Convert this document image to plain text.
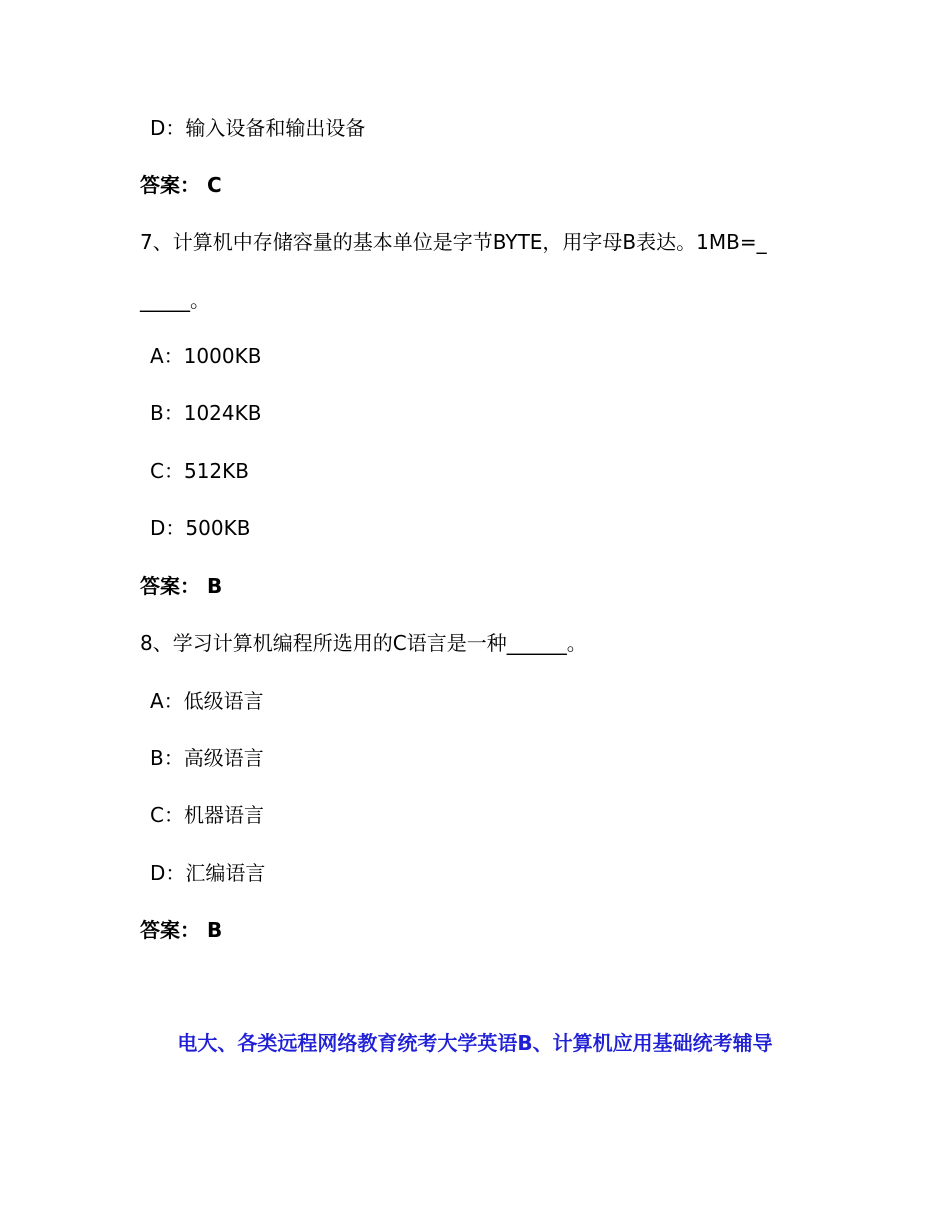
D：输入设备和输出设备
答案： C
7、计算机中存储容量的基本单位是字节BYTE，用字母B表达。1MB=_
_____。
A：1000KB
B：1024KB
C：512KB
D：500KB
答案： B
8、学习计算机编程所选用的C语言是一种______。
A：低级语言
B：高级语言
C：机器语言
D：汇编语言
答案： B
电大、各类远程网络教育统考大学英语B、计算机应用基础统考辅导
